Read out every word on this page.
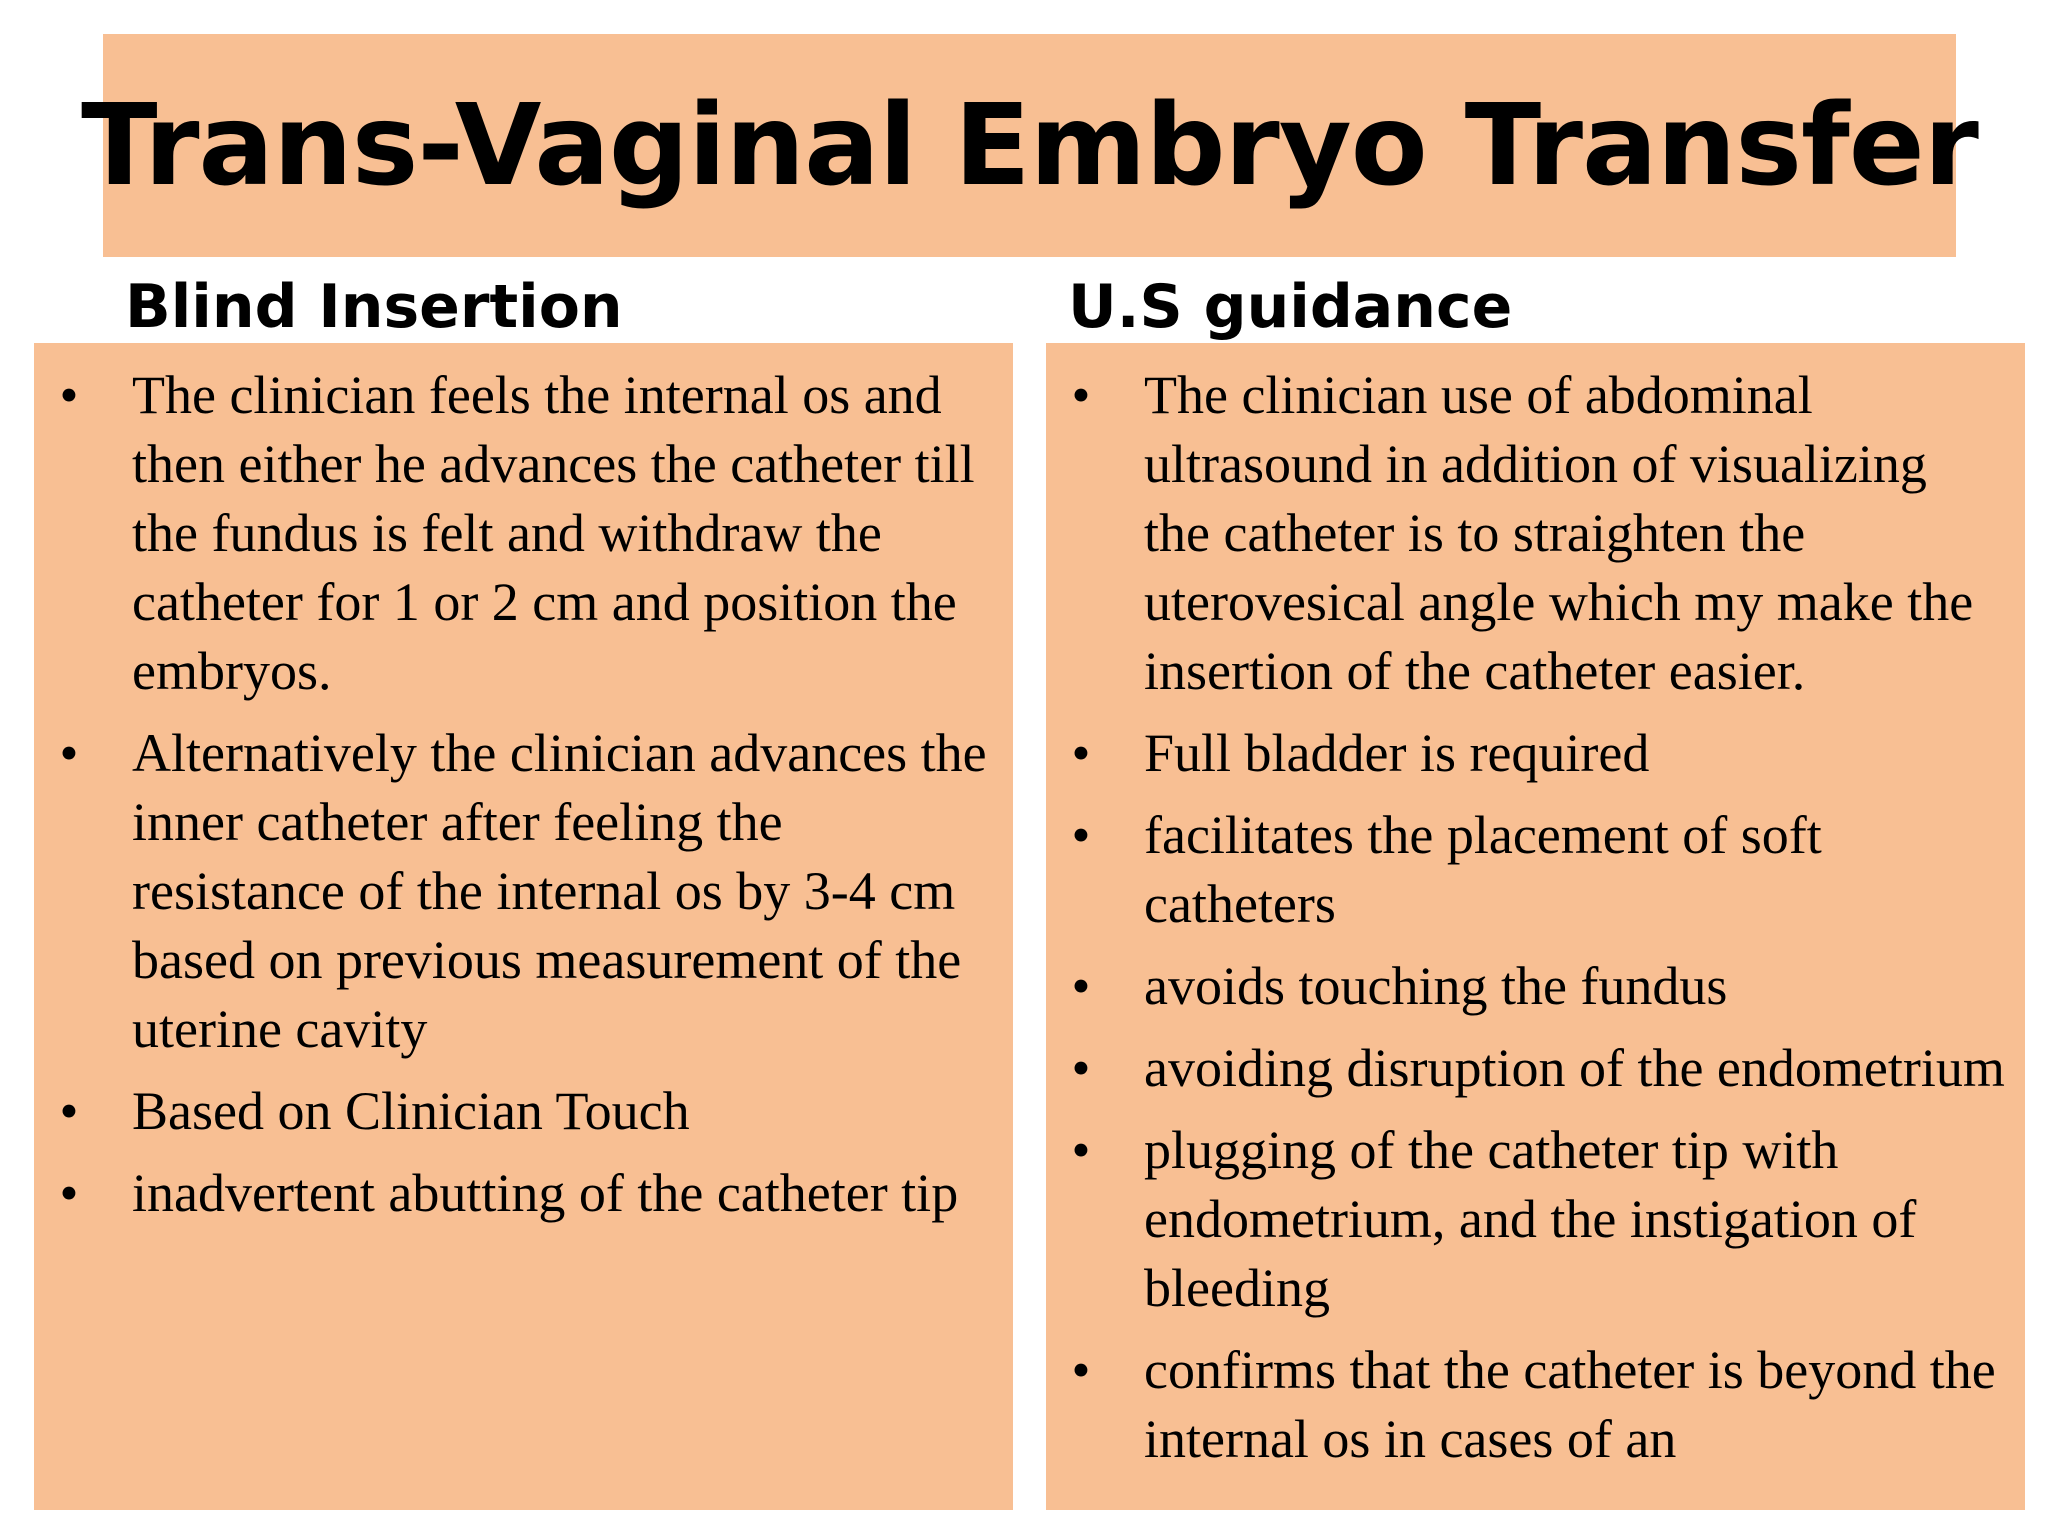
Trans-Vaginal Embryo Transfer
Blind Insertion	U.S guidance
• The clinician feels the internal os and then either he advances the catheter till the fundus is felt and withdraw the catheter for 1 or 2 cm and position the embryos.
• Alternatively the clinician advances the inner catheter after feeling the resistance of the internal os by 3-4 cm based on previous measurement of the uterine cavity
• Based on Clinician Touch
• inadvertent abutting of the catheter tip
• The clinician use of abdominal ultrasound in addition of visualizing the catheter is to straighten the uterovesical angle which my make the insertion of the catheter easier.
• Full bladder is required
• facilitates the placement of soft catheters
• avoids touching the fundus
• avoiding disruption of the endometrium
• plugging of the catheter tip with endometrium, and the instigation of bleeding
• confirms that the catheter is beyond the internal os in cases of an
